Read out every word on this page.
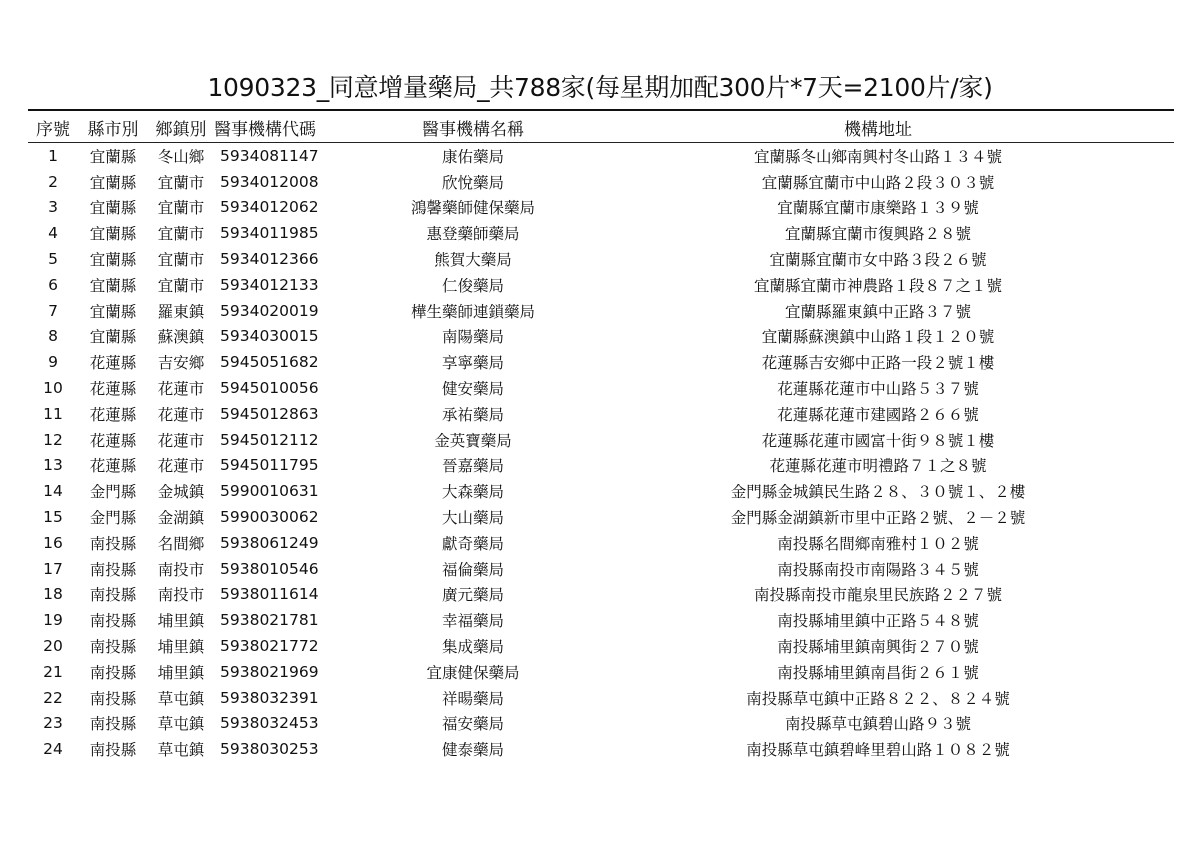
1090323_同意增量藥局_共788家(每星期加配300片*7天=2100片/家)
序號	縣市別	鄉鎮別	醫事機構代碼	醫事機構名稱	機構地址
1	宜蘭縣	冬山鄉	5934081147	康佑藥局	宜蘭縣冬山鄉南興村冬山路１３４號
2	宜蘭縣	宜蘭市	5934012008	欣悅藥局	宜蘭縣宜蘭市中山路２段３０３號
3	宜蘭縣	宜蘭市	5934012062	鴻馨藥師健保藥局	宜蘭縣宜蘭市康樂路１３９號
4	宜蘭縣	宜蘭市	5934011985	惠登藥師藥局	宜蘭縣宜蘭市復興路２８號
5	宜蘭縣	宜蘭市	5934012366	熊賀大藥局	宜蘭縣宜蘭市女中路３段２６號
6	宜蘭縣	宜蘭市	5934012133	仁俊藥局	宜蘭縣宜蘭市神農路１段８７之１號
7	宜蘭縣	羅東鎮	5934020019	樺生藥師連鎖藥局	宜蘭縣羅東鎮中正路３７號
8	宜蘭縣	蘇澳鎮	5934030015	南陽藥局	宜蘭縣蘇澳鎮中山路１段１２０號
9	花蓮縣	吉安鄉	5945051682	享寧藥局	花蓮縣吉安鄉中正路一段２號１樓
10	花蓮縣	花蓮市	5945010056	健安藥局	花蓮縣花蓮市中山路５３７號
11	花蓮縣	花蓮市	5945012863	承祐藥局	花蓮縣花蓮市建國路２６６號
12	花蓮縣	花蓮市	5945012112	金英寶藥局	花蓮縣花蓮市國富十街９８號１樓
13	花蓮縣	花蓮市	5945011795	晉嘉藥局	花蓮縣花蓮市明禮路７１之８號
14	金門縣	金城鎮	5990010631	大森藥局	金門縣金城鎮民生路２８、３０號１、２樓
15	金門縣	金湖鎮	5990030062	大山藥局	金門縣金湖鎮新市里中正路２號、２－２號
16	南投縣	名間鄉	5938061249	獻奇藥局	南投縣名間鄉南雅村１０２號
17	南投縣	南投市	5938010546	福倫藥局	南投縣南投市南陽路３４５號
18	南投縣	南投市	5938011614	廣元藥局	南投縣南投市龍泉里民族路２２７號
19	南投縣	埔里鎮	5938021781	幸福藥局	南投縣埔里鎮中正路５４８號
20	南投縣	埔里鎮	5938021772	集成藥局	南投縣埔里鎮南興街２７０號
21	南投縣	埔里鎮	5938021969	宜康健保藥局	南投縣埔里鎮南昌街２６１號
22	南投縣	草屯鎮	5938032391	祥暘藥局	南投縣草屯鎮中正路８２２、８２４號
23	南投縣	草屯鎮	5938032453	福安藥局	南投縣草屯鎮碧山路９３號
24	南投縣	草屯鎮	5938030253	健泰藥局	南投縣草屯鎮碧峰里碧山路１０８２號
